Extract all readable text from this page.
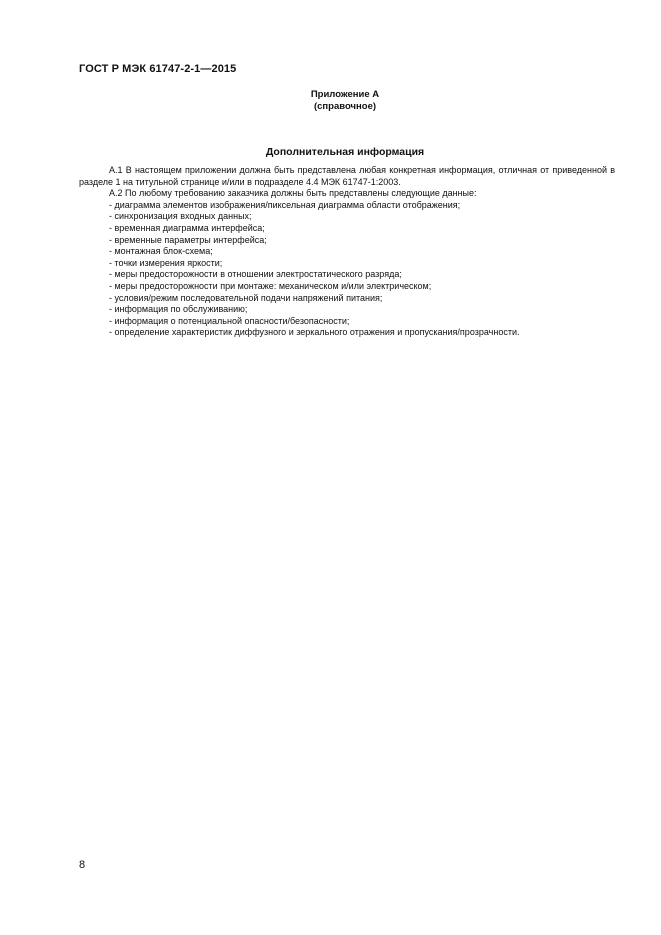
ГОСТ Р МЭК 61747-2-1—2015
Приложение А
(справочное)
Дополнительная информация

А.1 В настоящем приложении должна быть представлена любая конкретная информация, отличная от приведенной в разделе 1 на титульной странице и/или в подразделе 4.4 МЭК 61747-1:2003.

А.2 По любому требованию заказчика должны быть представлены следующие данные:

- диаграмма элементов изображения/пиксельная диаграмма области отображения;
- синхронизация входных данных;
- временная диаграмма интерфейса;
- временные параметры интерфейса;
- монтажная блок-схема;
- точки измерения яркости;
- меры предосторожности в отношении электростатического разряда;
- меры предосторожности при монтаже: механическом и/или электрическом;
- условия/режим последовательной подачи напряжений питания;
- информация по обслуживанию;
- информация о потенциальной опасности/безопасности;
- определение характеристик диффузного и зеркального отражения и пропускания/прозрачности.
8
